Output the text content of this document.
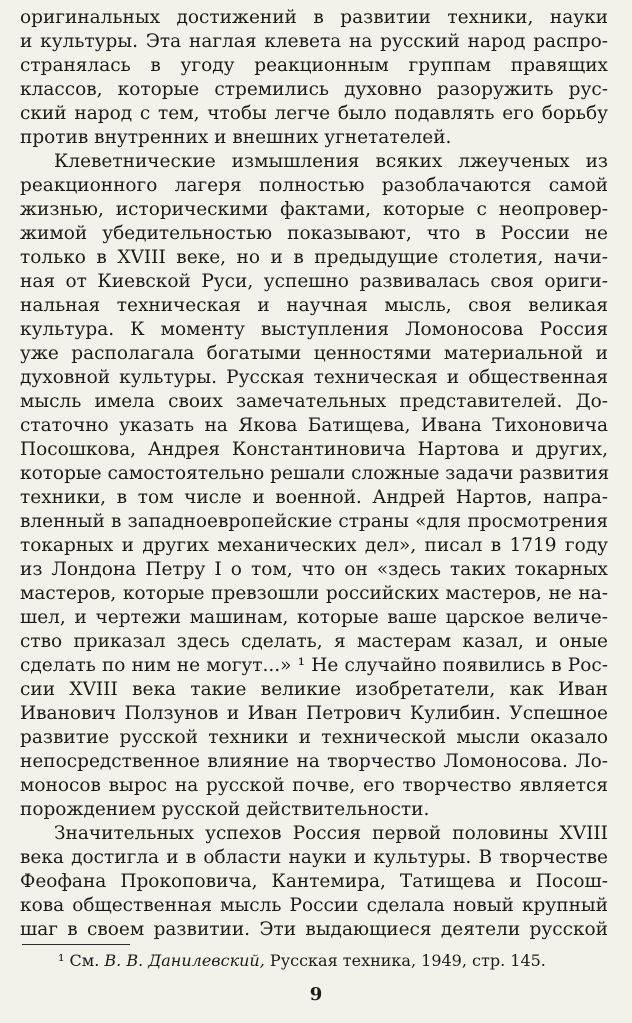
оригинальных достижений в развитии техники, науки
и культуры. Эта наглая клевета на русский народ распро-
странялась в угоду реакционным группам правящих
классов, которые стремились духовно разоружить рус-
ский народ с тем, чтобы легче было подавлять его борьбу
против внутренних и внешних угнетателей.
Клеветнические измышления всяких лжеученых из
реакционного лагеря полностью разоблачаются самой
жизнью, историческими фактами, которые с неопровер-
жимой убедительностью показывают, что в России не
только в XVIII веке, но и в предыдущие столетия, начи-
ная от Киевской Руси, успешно развивалась своя ориги-
нальная техническая и научная мысль, своя великая
культура. К моменту выступления Ломоносова Россия
уже располагала богатыми ценностями материальной и
духовной культуры. Русская техническая и общественная
мысль имела своих замечательных представителей. До-
статочно указать на Якова Батищева, Ивана Тихоновича
Посошкова, Андрея Константиновича Нартова и других,
которые самостоятельно решали сложные задачи развития
техники, в том числе и военной. Андрей Нартов, напра-
вленный в западноевропейские страны «для просмотрения
токарных и других механических дел», писал в 1719 году
из Лондона Петру I о том, что он «здесь таких токарных
мастеров, которые превзошли российских мастеров, не на-
шел, и чертежи машинам, которые ваше царское величе-
ство приказал здесь сделать, я мастерам казал, и оные
сделать по ним не могут...» ¹ Не случайно появились в Рос-
сии XVIII века такие великие изобретатели, как Иван
Иванович Ползунов и Иван Петрович Кулибин. Успешное
развитие русской техники и технической мысли оказало
непосредственное влияние на творчество Ломоносова. Ло-
моносов вырос на русской почве, его творчество является
порождением русской действительности.
Значительных успехов Россия первой половины XVIII
века достигла и в области науки и культуры. В творчестве
Феофана Прокоповича, Кантемира, Татищева и Посош-
кова общественная мысль России сделала новый крупный
шаг в своем развитии. Эти выдающиеся деятели русской
¹ См. В. В. Данилевский, Русская техника, 1949, стр. 145.
9
